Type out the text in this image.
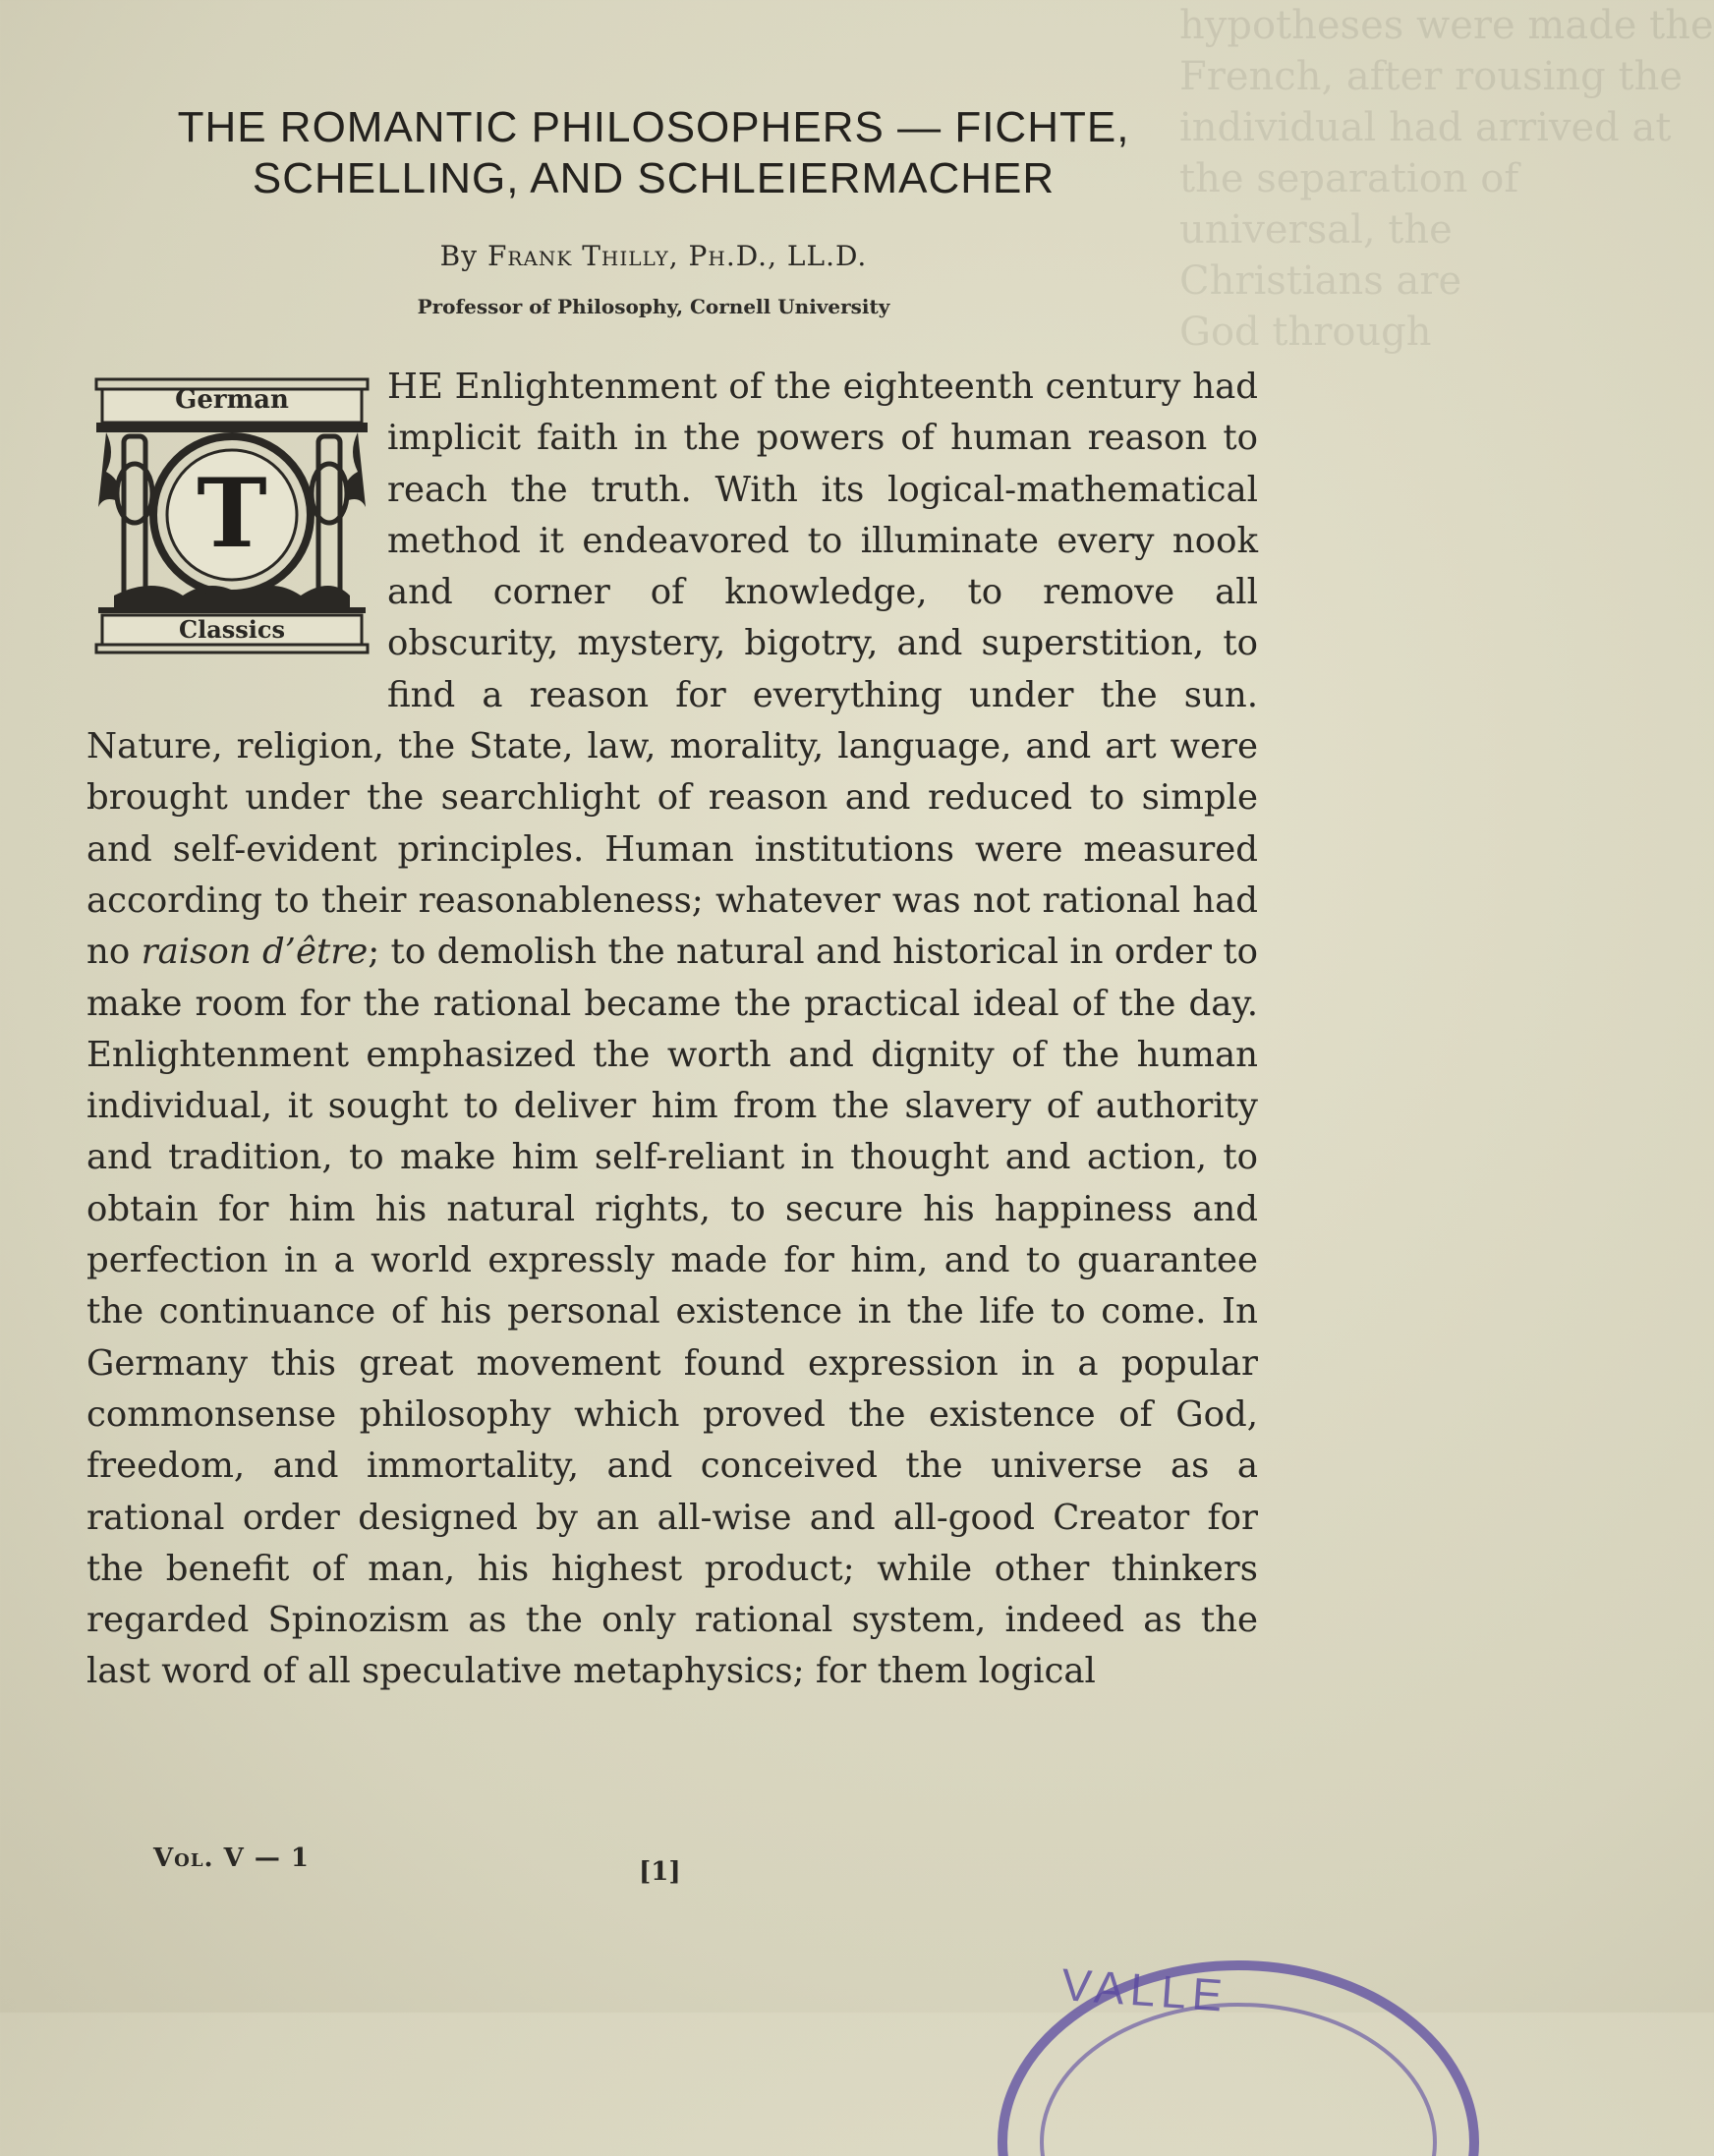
hypotheses were made the
French, after rousing the
individual had arrived at
the separation of
universal, the
Christians are
God through
THE ROMANTIC PHILOSOPHERS — FICHTE,
SCHELLING, AND SCHLEIERMACHER
By Frank Thilly, Ph.D., LL.D.
Professor of Philosophy, Cornell University
German
T
Classics
HE Enlightenment of the eighteenth century had implicit faith in the powers of human reason to reach the truth. With its logical-mathematical method it endeavored to illuminate every nook and corner of knowledge, to remove all obscurity, mystery, bigotry, and superstition, to find a reason for everything under the sun. Nature, religion, the State, law, morality, language, and art were brought under the searchlight of reason and reduced to simple and self-evident principles. Human institutions were measured according to their reasonableness; whatever was not rational had no raison d’être; to demolish the natural and historical in order to make room for the rational became the practical ideal of the day. Enlightenment emphasized the worth and dignity of the human individual, it sought to deliver him from the slavery of authority and tradition, to make him self-reliant in thought and action, to obtain for him his natural rights, to secure his happiness and perfection in a world expressly made for him, and to guarantee the continuance of his personal existence in the life to come. In Germany this great movement found expression in a popular commonsense philosophy which proved the existence of God, freedom, and immortality, and conceived the universe as a rational order designed by an all-wise and all-good Creator for the benefit of man, his highest product; while other thinkers regarded Spinozism as the only rational system, indeed as the last word of all speculative metaphysics; for them logical
Vol. V — 1	[1]
VALLE
